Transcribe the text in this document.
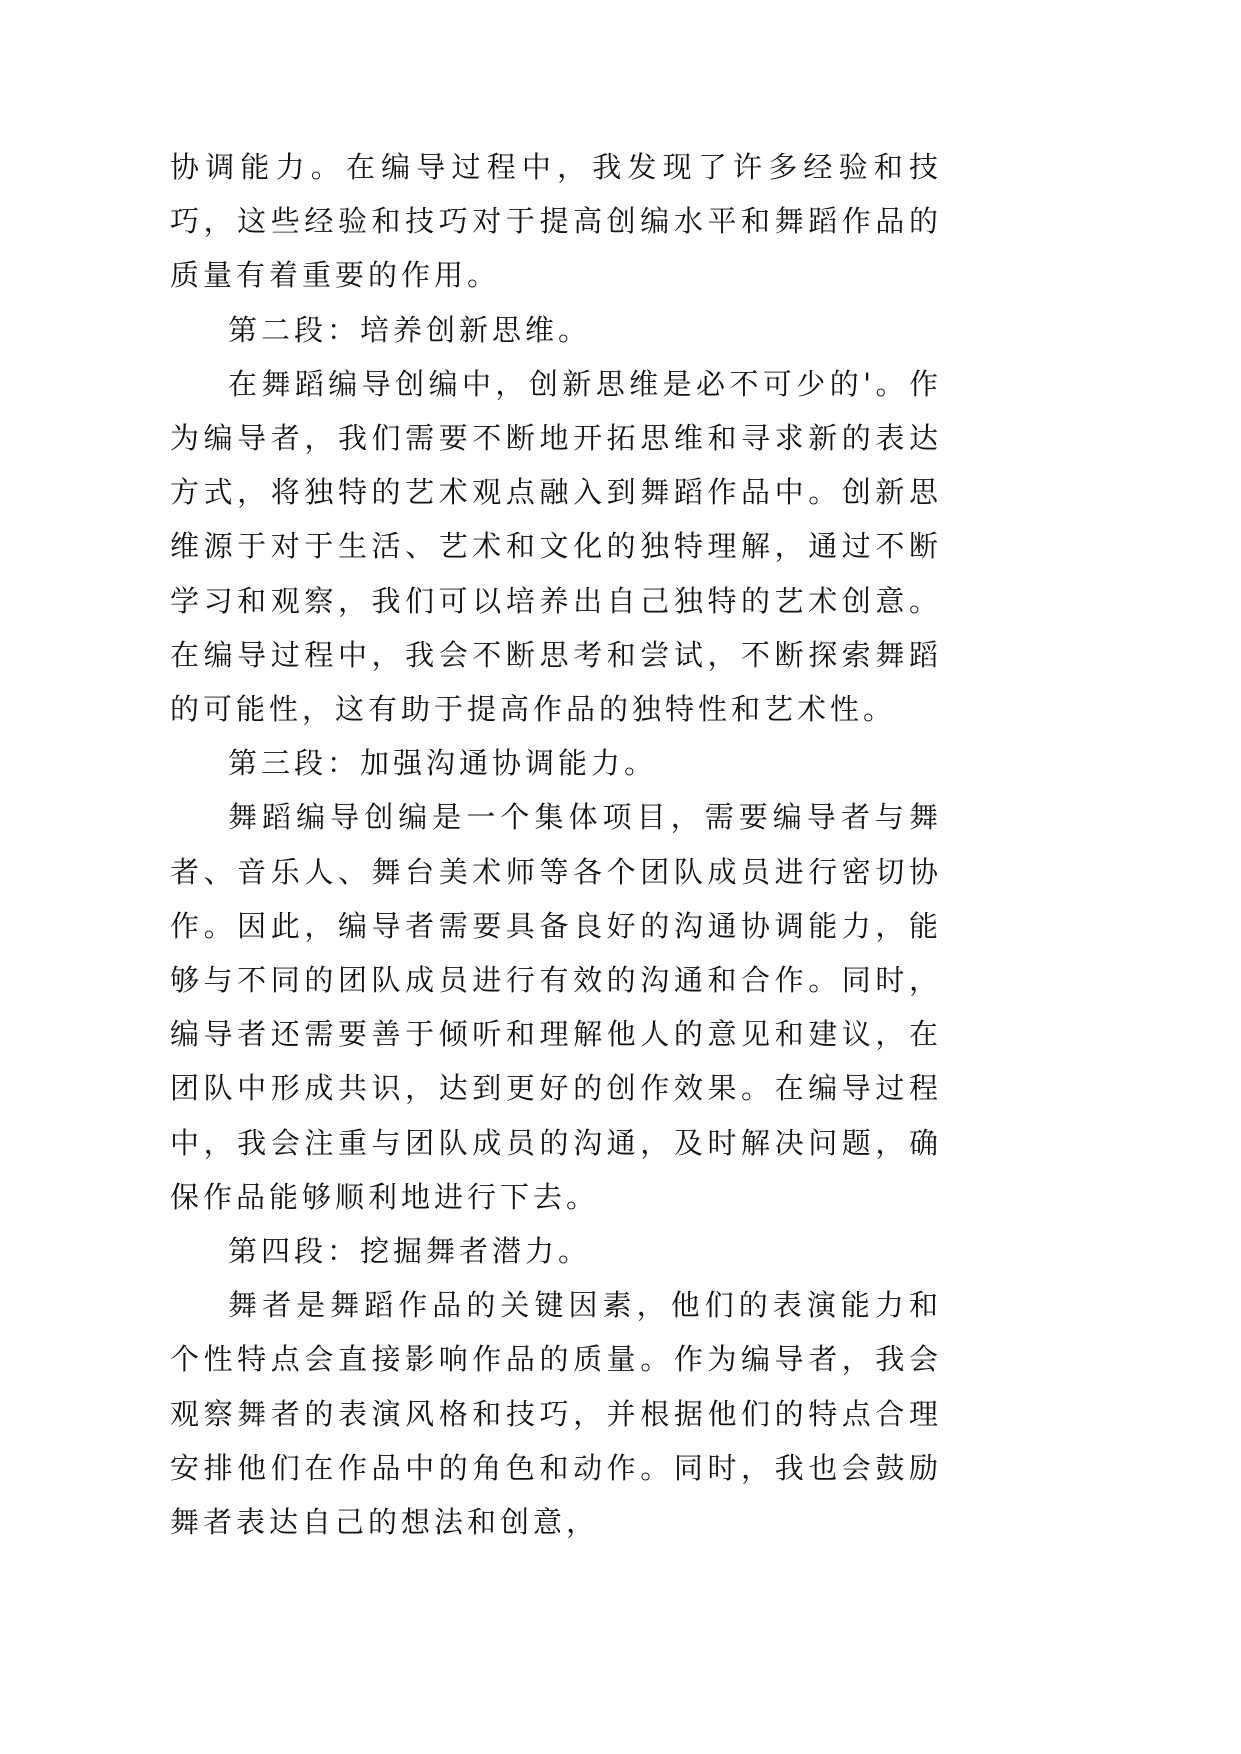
协调能力。在编导过程中，我发现了许多经验和技巧，这些经验和技巧对于提高创编水平和舞蹈作品的质量有着重要的作用。

第二段：培养创新思维。

在舞蹈编导创编中，创新思维是必不可少的'。作为编导者，我们需要不断地开拓思维和寻求新的表达方式，将独特的艺术观点融入到舞蹈作品中。创新思维源于对于生活、艺术和文化的独特理解，通过不断学习和观察，我们可以培养出自己独特的艺术创意。在编导过程中，我会不断思考和尝试，不断探索舞蹈的可能性，这有助于提高作品的独特性和艺术性。

第三段：加强沟通协调能力。

舞蹈编导创编是一个集体项目，需要编导者与舞者、音乐人、舞台美术师等各个团队成员进行密切协作。因此，编导者需要具备良好的沟通协调能力，能够与不同的团队成员进行有效的沟通和合作。同时，编导者还需要善于倾听和理解他人的意见和建议，在团队中形成共识，达到更好的创作效果。在编导过程中，我会注重与团队成员的沟通，及时解决问题，确保作品能够顺利地进行下去。

第四段：挖掘舞者潜力。

舞者是舞蹈作品的关键因素，他们的表演能力和个性特点会直接影响作品的质量。作为编导者，我会观察舞者的表演风格和技巧，并根据他们的特点合理安排他们在作品中的角色和动作。同时，我也会鼓励舞者表达自己的想法和创意，
